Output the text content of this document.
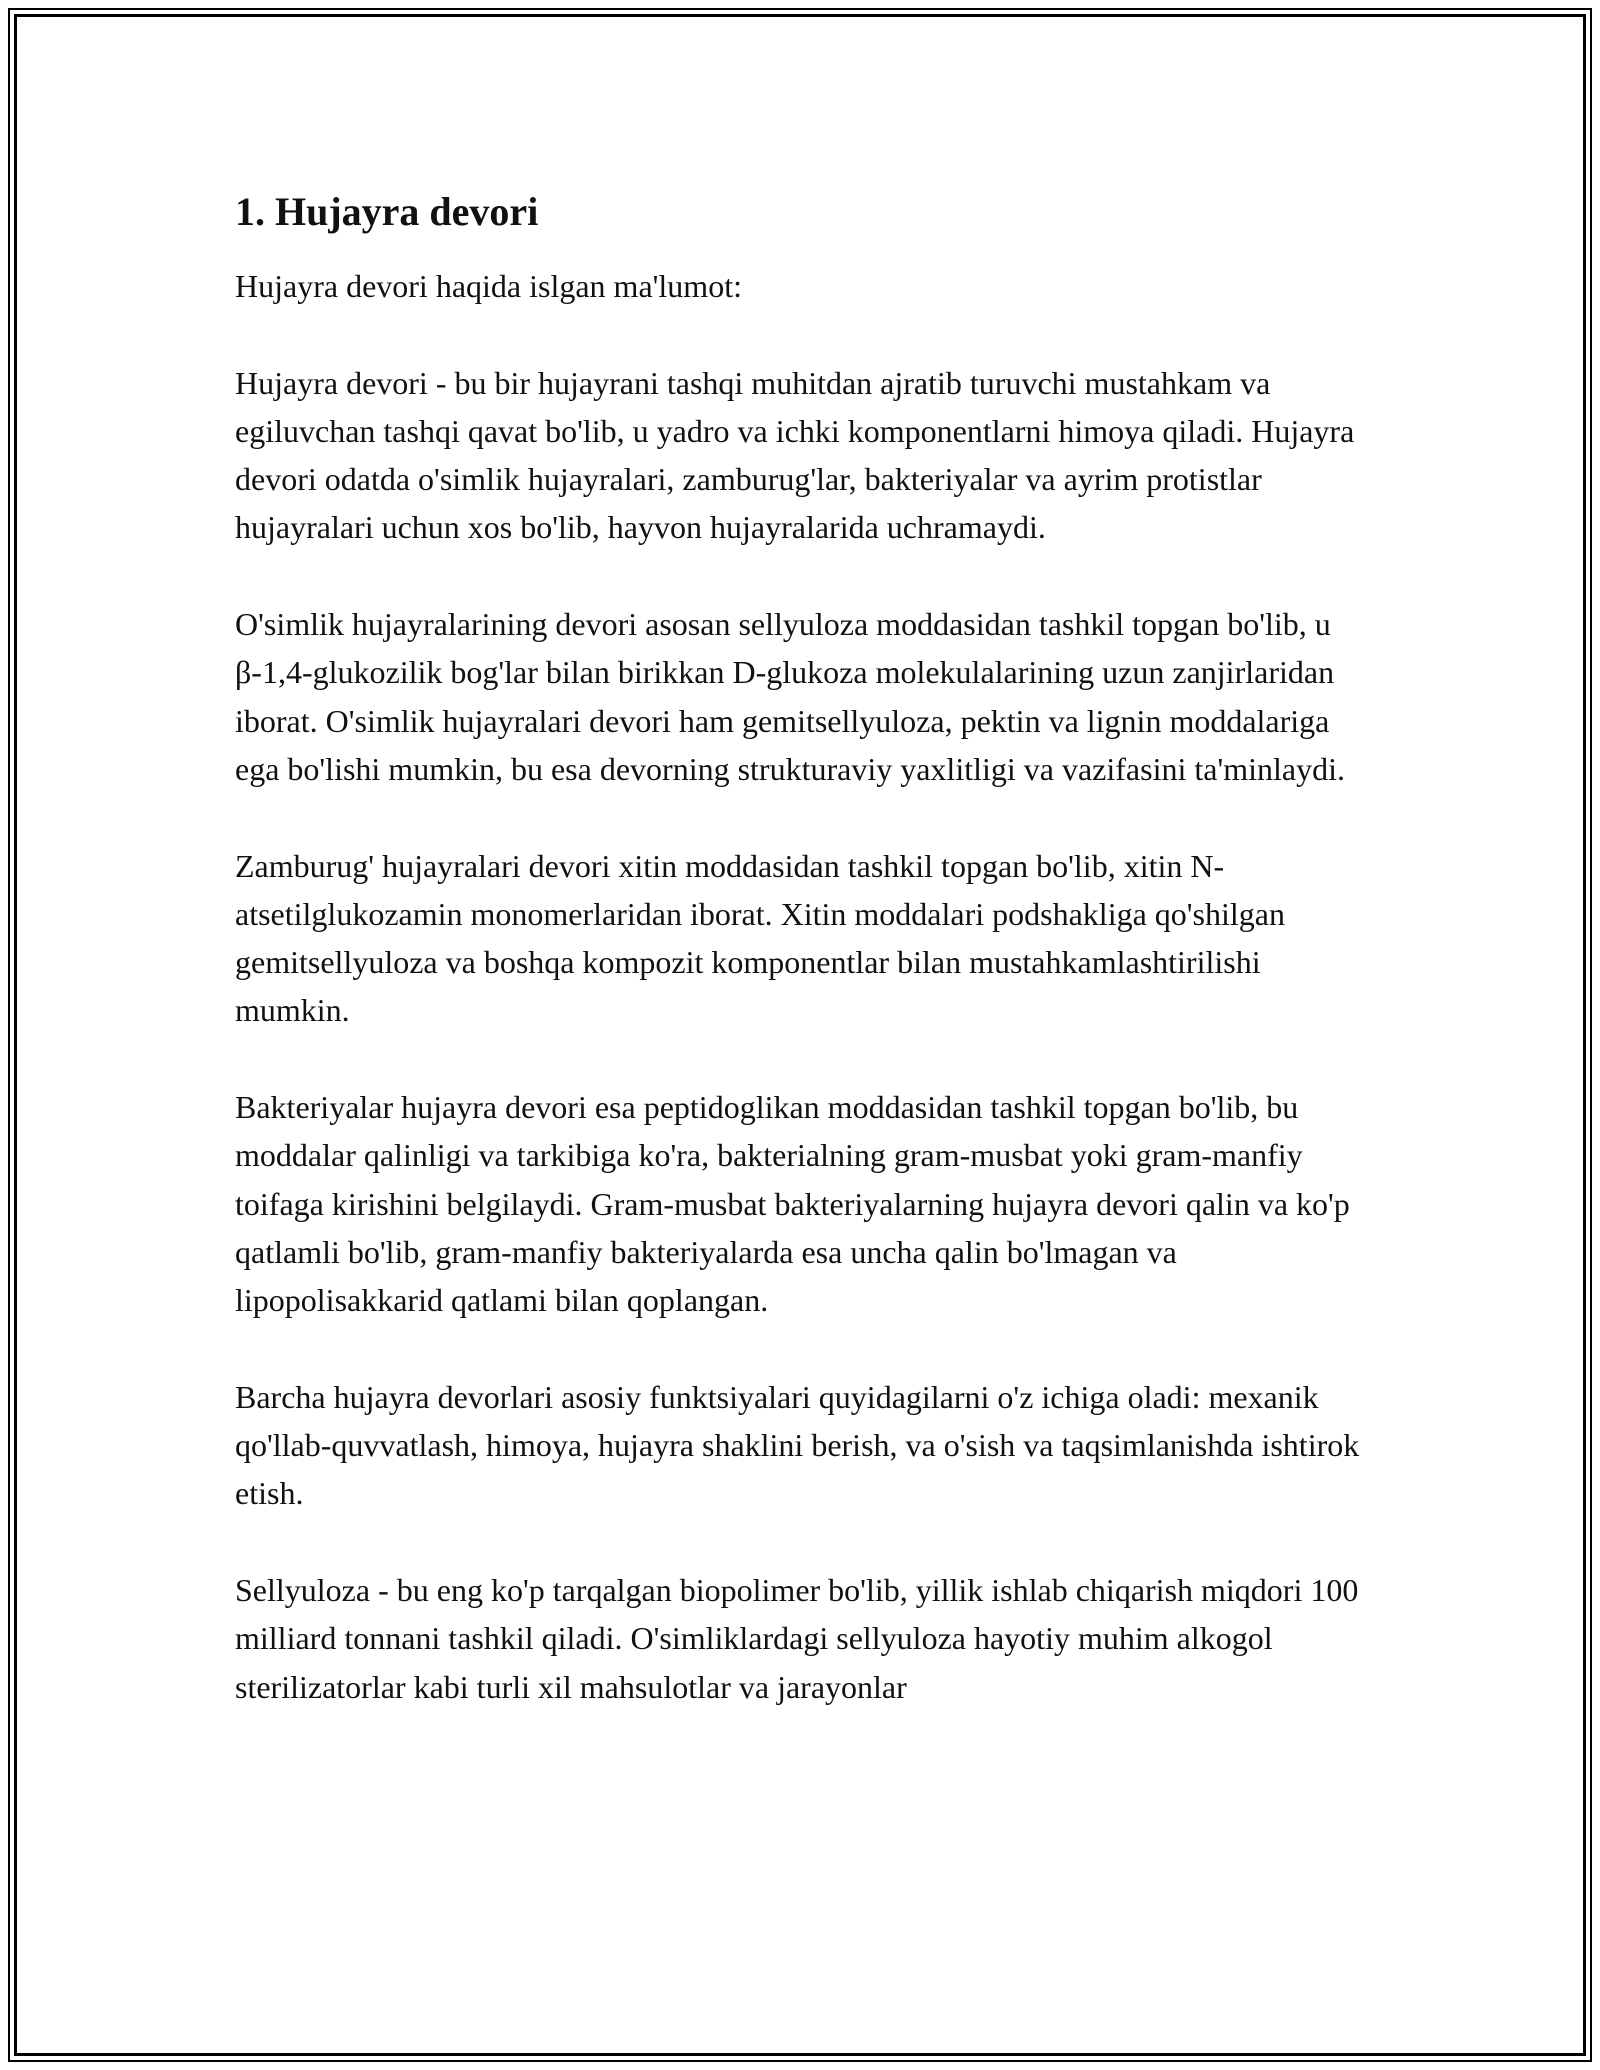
1. Hujayra devori

Hujayra devori haqida islgan ma'lumot:

Hujayra devori - bu bir hujayrani tashqi muhitdan ajratib turuvchi mustahkam va egiluvchan tashqi qavat bo'lib, u yadro va ichki komponentlarni himoya qiladi. Hujayra devori odatda o'simlik hujayralari, zamburug'lar, bakteriyalar va ayrim protistlar hujayralari uchun xos bo'lib, hayvon hujayralarida uchramaydi.

O'simlik hujayralarining devori asosan sellyuloza moddasidan tashkil topgan bo'lib, u β-1,4-glukozilik bog'lar bilan birikkan D-glukoza molekulalarining uzun zanjirlaridan iborat. O'simlik hujayralari devori ham gemitsellyuloza, pektin va lignin moddalariga ega bo'lishi mumkin, bu esa devorning strukturaviy yaxlitligi va vazifasini ta'minlaydi.

Zamburug' hujayralari devori xitin moddasidan tashkil topgan bo'lib, xitin N-atsetilglukozamin monomerlaridan iborat. Xitin moddalari podshakliga qo'shilgan gemitsellyuloza va boshqa kompozit komponentlar bilan mustahkamlashtirilishi mumkin.

Bakteriyalar hujayra devori esa peptidoglikan moddasidan tashkil topgan bo'lib, bu moddalar qalinligi va tarkibiga ko'ra, bakterialning gram-musbat yoki gram-manfiy toifaga kirishini belgilaydi. Gram-musbat bakteriyalarning hujayra devori qalin va ko'p qatlamli bo'lib, gram-manfiy bakteriyalarda esa uncha qalin bo'lmagan va lipopolisakkarid qatlami bilan qoplangan.

Barcha hujayra devorlari asosiy funktsiyalari quyidagilarni o'z ichiga oladi: mexanik qo'llab-quvvatlash, himoya, hujayra shaklini berish, va o'sish va taqsimlanishda ishtirok etish.

Sellyuloza - bu eng ko'p tarqalgan biopolimer bo'lib, yillik ishlab chiqarish miqdori 100 milliard tonnani tashkil qiladi. O'simliklardagi sellyuloza hayotiy muhim alkogol sterilizatorlar kabi turli xil mahsulotlar va jarayonlar
